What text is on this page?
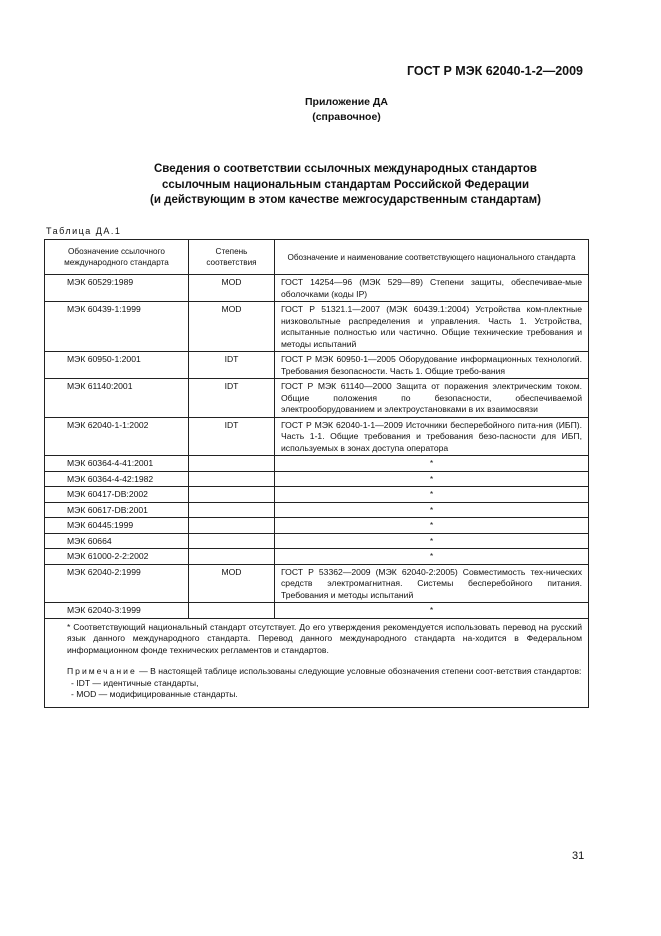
ГОСТ Р МЭК 62040-1-2—2009
Приложение ДА
(справочное)
Сведения о соответствии ссылочных международных стандартов
ссылочным национальным стандартам Российской Федерации
(и действующим в этом качестве межгосударственным стандартам)
Таблица ДА.1
Обозначение ссылочного международного стандарта	Степень соответствия	Обозначение и наименование соответствующего национального стандарта
МЭК 60529:1989	MOD	ГОСТ 14254—96 (МЭК 529—89) Степени защиты, обеспечивае-мые оболочками (коды IP)
МЭК 60439-1:1999	MOD	ГОСТ Р 51321.1—2007 (МЭК 60439.1:2004) Устройства ком-плектные низковольтные распределения и управления. Часть 1. Устройства, испытанные полностью или частично. Общие технические требования и методы испытаний
МЭК 60950-1:2001	IDT	ГОСТ Р МЭК 60950-1—2005 Оборудование информационных технологий. Требования безопасности. Часть 1. Общие требо-вания
МЭК 61140:2001	IDT	ГОСТ Р МЭК 61140—2000 Защита от поражения электрическим током. Общие положения по безопасности, обеспечиваемой электрооборудованием и электроустановками в их взаимосвязи
МЭК 62040-1-1:2002	IDT	ГОСТ Р МЭК 62040-1-1—2009 Источники бесперебойного пита-ния (ИБП). Часть 1-1. Общие требования и требования безо-пасности для ИБП, используемых в зонах доступа оператора
МЭК 60364-4-41:2001		*
МЭК 60364-4-42:1982		*
МЭК 60417-DB:2002		*
МЭК 60617-DB:2001		*
МЭК 60445:1999		*
МЭК 60664		*
МЭК 61000-2-2:2002		*
МЭК 62040-2:1999	MOD	ГОСТ Р 53362—2009 (МЭК 62040-2:2005) Совместимость тех-нических средств электромагнитная. Системы бесперебойного питания. Требования и методы испытаний
МЭК 62040-3:1999		*

* Соответствующий национальный стандарт отсутствует. До его утверждения рекомендуется использовать перевод на русский язык данного международного стандарта. Перевод данного международного стандарта на-ходится в Федеральном информационном фонде технических регламентов и стандартов.

Примечание — В настоящей таблице использованы следующие условные обозначения степени соот-ветствия стандартов:

- IDT — идентичные стандарты,

- MOD — модифицированные стандарты.		

31
